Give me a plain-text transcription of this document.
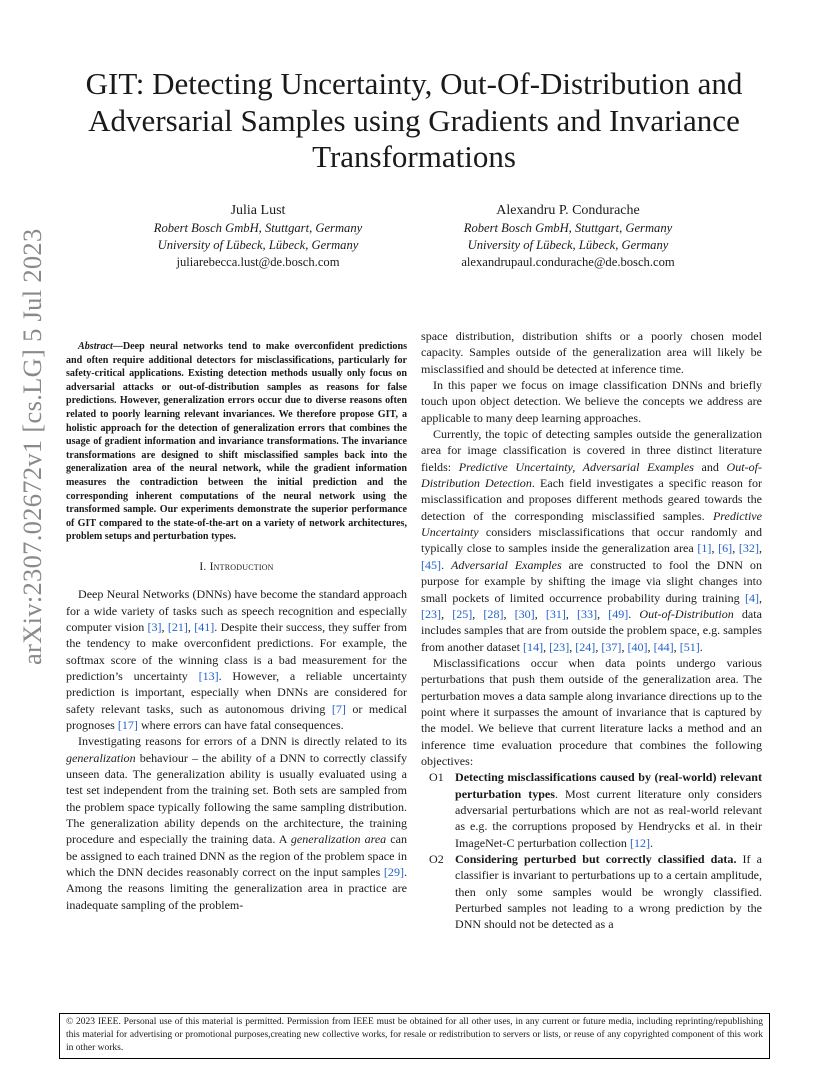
GIT: Detecting Uncertainty, Out-Of-Distribution and Adversarial Samples using Gradients and Invariance Transformations
Julia Lust
Robert Bosch GmbH, Stuttgart, Germany
University of Lübeck, Lübeck, Germany
juliarebecca.lust@de.bosch.com
Alexandru P. Condurache
Robert Bosch GmbH, Stuttgart, Germany
University of Lübeck, Lübeck, Germany
alexandrupaul.condurache@de.bosch.com
arXiv:2307.02672v1 [cs.LG] 5 Jul 2023	Abstract—Deep neural networks tend to make overconfident predictions and often require additional detectors for misclassifications, particularly for safety-critical applications. Existing detection methods usually only focus on adversarial attacks or out-of-distribution samples as reasons for false predictions. However, generalization errors occur due to diverse reasons often related to poorly learning relevant invariances. We therefore propose GIT, a holistic approach for the detection of generalization errors that combines the usage of gradient information and invariance transformations. The invariance transformations are designed to shift misclassified samples back into the generalization area of the neural network, while the gradient information measures the contradiction between the initial prediction and the corresponding inherent computations of the neural network using the transformed sample. Our experiments demonstrate the superior performance of GIT compared to the state-of-the-art on a variety of network architectures, problem setups and perturbation types.

I. Introduction

Deep Neural Networks (DNNs) have become the standard approach for a wide variety of tasks such as speech recognition and especially computer vision [3], [21], [41]. Despite their success, they suffer from the tendency to make overconfident predictions. For example, the softmax score of the winning class is a bad measurement for the prediction’s uncertainty [13]. However, a reliable uncertainty prediction is important, especially when DNNs are considered for safety relevant tasks, such as autonomous driving [7] or medical prognoses [17] where errors can have fatal consequences.

Investigating reasons for errors of a DNN is directly related to its generalization behaviour – the ability of a DNN to correctly classify unseen data. The generalization ability is usually evaluated using a test set independent from the training set. Both sets are sampled from the problem space typically following the same sampling distribution. The generalization ability depends on the architecture, the training procedure and especially the training data. A generalization area can be assigned to each trained DNN as the region of the problem space in which the DNN decides reasonably correct on the input samples [29]. Among the reasons limiting the generalization area in practice are inadequate sampling of the problem-

space distribution, distribution shifts or a poorly chosen model capacity. Samples outside of the generalization area will likely be misclassified and should be detected at inference time.

In this paper we focus on image classification DNNs and briefly touch upon object detection. We believe the concepts we address are applicable to many deep learning approaches.

Currently, the topic of detecting samples outside the generalization area for image classification is covered in three distinct literature fields: Predictive Uncertainty, Adversarial Examples and Out-of-Distribution Detection. Each field investigates a specific reason for misclassification and proposes different methods geared towards the detection of the corresponding misclassified samples. Predictive Uncertainty considers misclassifications that occur randomly and typically close to samples inside the generalization area [1], [6], [32], [45]. Adversarial Examples are constructed to fool the DNN on purpose for example by shifting the image via slight changes into small pockets of limited occurrence probability during training [4], [23], [25], [28], [30], [31], [33], [49]. Out-of-Distribution data includes samples that are from outside the problem space, e.g. samples from another dataset [14], [23], [24], [37], [40], [44], [51].

Misclassifications occur when data points undergo various perturbations that push them outside of the generalization area. The perturbation moves a data sample along invariance directions up to the point where it surpasses the amount of invariance that is captured by the model. We believe that current literature lacks a method and an inference time evaluation procedure that combines the following objectives:

O1 Detecting misclassifications caused by (real-world) relevant perturbation types. Most current literature only considers adversarial perturbations which are not as real-world relevant as e.g. the corruptions proposed by Hendrycks et al. in their ImageNet-C perturbation collection [12].
O2 Considering perturbed but correctly classified data. If a classifier is invariant to perturbations up to a certain amplitude, then only some samples would be wrongly classified. Perturbed samples not leading to a wrong prediction by the DNN should not be detected as a
© 2023 IEEE. Personal use of this material is permitted. Permission from IEEE must be obtained for all other uses, in any current or future media, including reprinting/republishing this material for advertising or promotional purposes,creating new collective works, for resale or redistribution to servers or lists, or reuse of any copyrighted component of this work in other works.
